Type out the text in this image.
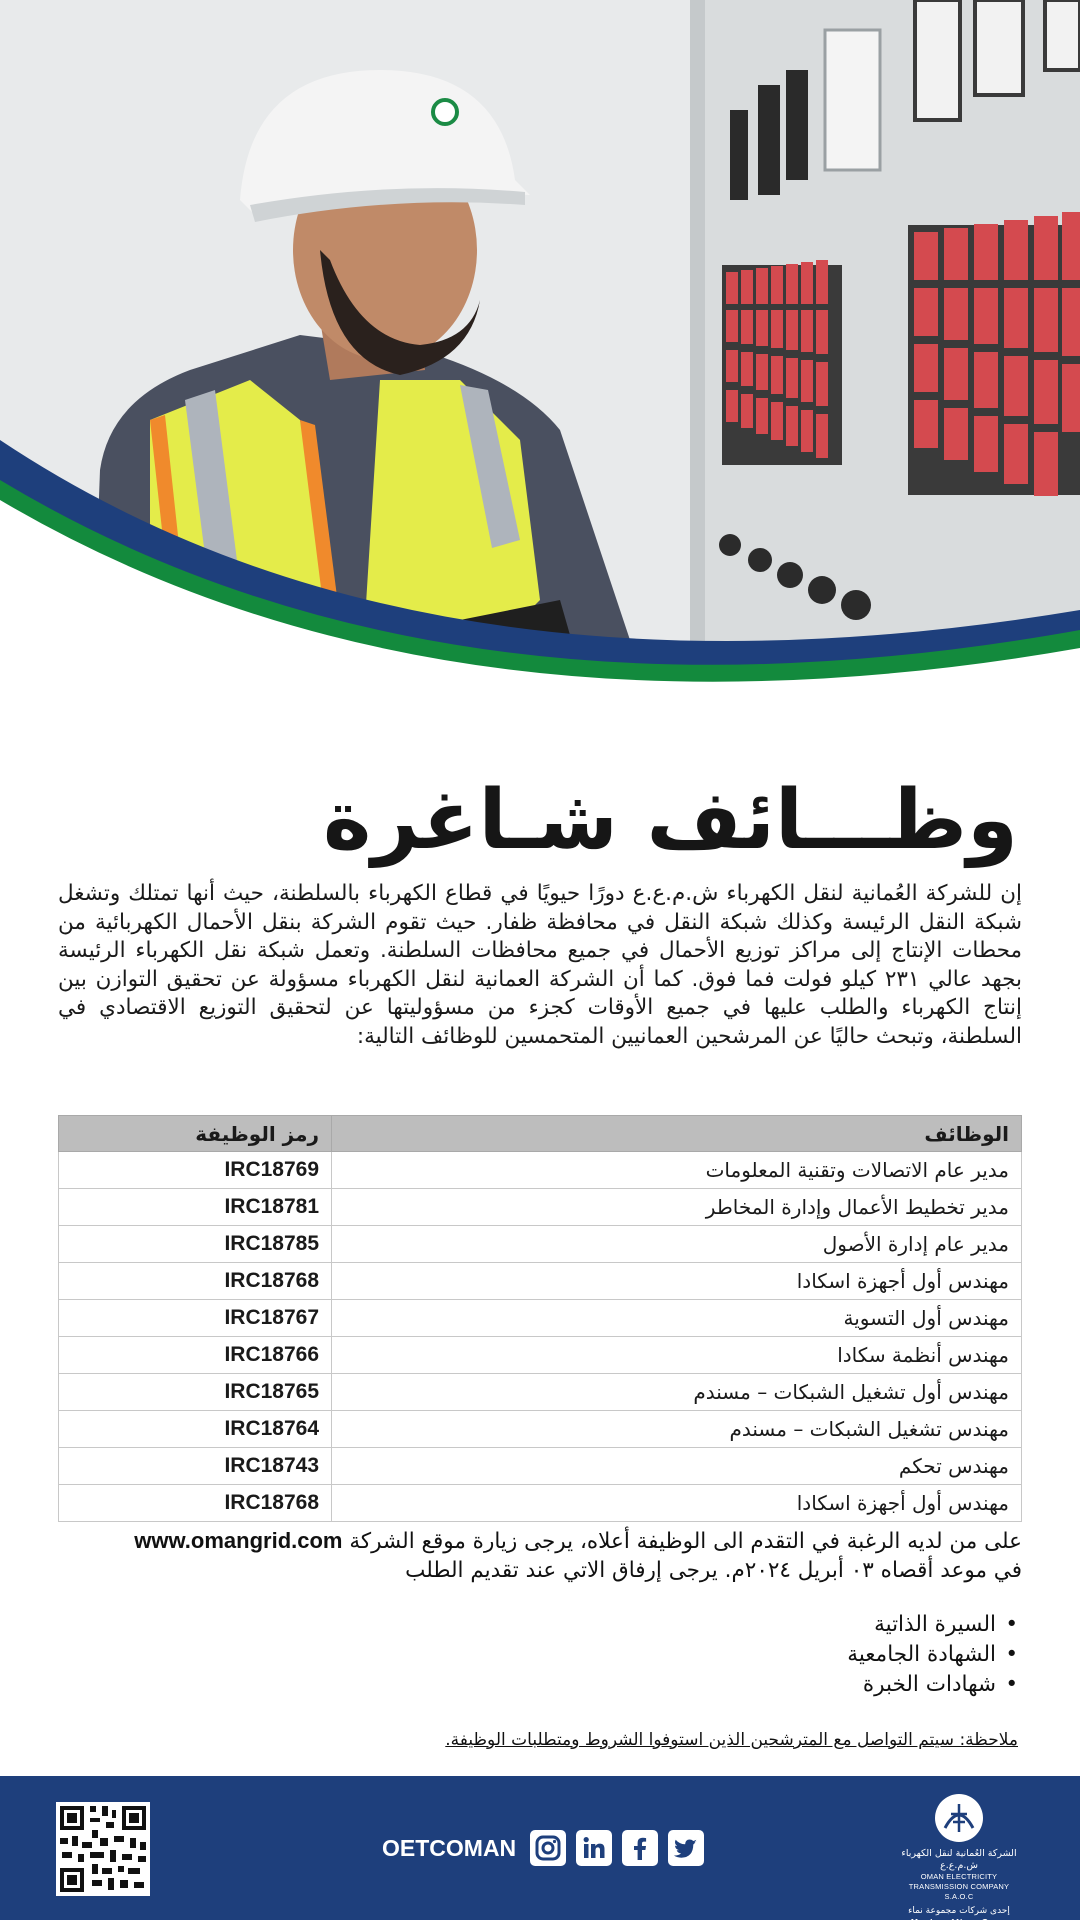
وظـــائف شـاغرة

إن للشركة العُمانية لنقل الكهرباء ش.م.ع.ع دورًا حيويًا في قطاع الكهرباء بالسلطنة، حيث أنها تمتلك وتشغل شبكة النقل الرئيسة وكذلك شبكة النقل في محافظة ظفار. حيث تقوم الشركة بنقل الأحمال الكهربائية من محطات الإنتاج إلى مراكز توزيع الأحمال في جميع محافظات السلطنة. وتعمل شبكة نقل الكهرباء الرئيسة بجهد عالي ٢٣١ كيلو فولت فما فوق. كما أن الشركة العمانية لنقل الكهرباء مسؤولة عن تحقيق التوازن بين إنتاج الكهرباء والطلب عليها في جميع الأوقات كجزء من مسؤوليتها عن لتحقيق التوزيع الاقتصادي في السلطنة، وتبحث حاليًا عن المرشحين العمانيين المتحمسين للوظائف التالية:

الوظائف	رمز الوظيفة
مدير عام الاتصالات وتقنية المعلومات	IRC18769
مدير تخطيط الأعمال وإدارة المخاطر	IRC18781
مدير عام إدارة الأصول	IRC18785
مهندس أول أجهزة اسكادا	IRC18768
مهندس أول التسوية	IRC18767
مهندس أنظمة سكادا	IRC18766
مهندس أول تشغيل الشبكات – مسندم	IRC18765
مهندس تشغيل الشبكات – مسندم	IRC18764
مهندس تحكم	IRC18743
مهندس أول أجهزة اسكادا	IRC18768

على من لديه الرغبة في التقدم الى الوظيفة أعلاه، يرجى زيارة موقع الشركة www.omangrid.com
في موعد أقصاه ٠٣ أبريل ٢٠٢٤م. يرجى إرفاق الاتي عند تقديم الطلب

• السيرة الذاتية
• الشهادة الجامعية
• شهادات الخبرة

ملاحظة: سيتم التواصل مع المترشحين الذين استوفوا الشروط ومتطلبات الوظيفة.

OETCOMAN	الشركة العُمانية لنقل الكهرباء ش.م.ع.ع
OMAN ELECTRICITY TRANSMISSION COMPANY S.A.O.C
إحدى شركات مجموعة نماء
Member of Nama Group
